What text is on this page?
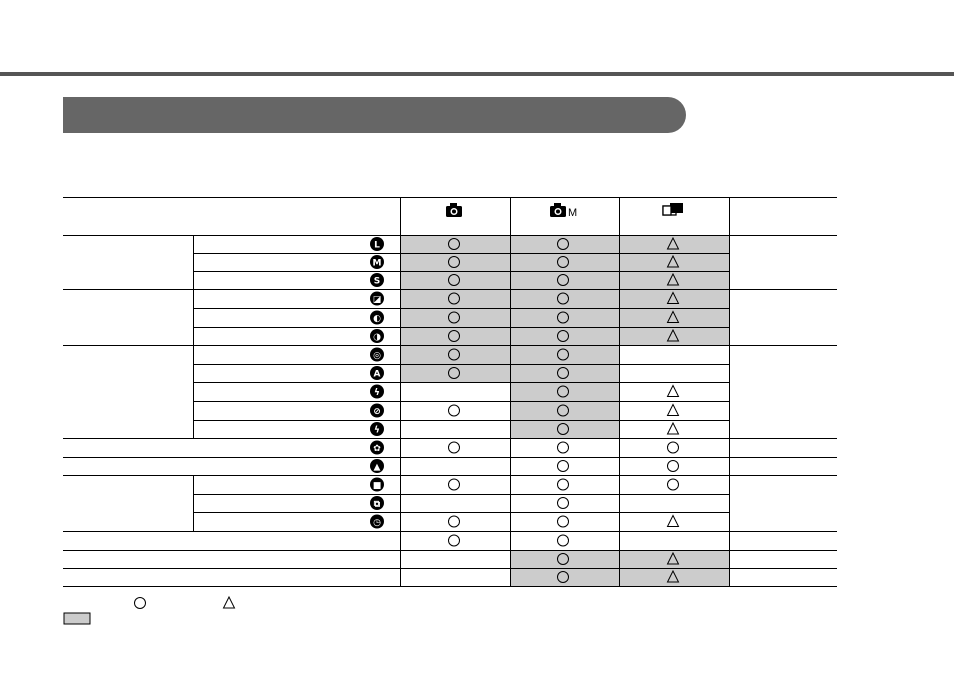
M
L
M
S
◪
◐
◑
◎
A
ϟ
⊘
ϟ
✿
▲
■
⧉
◷
